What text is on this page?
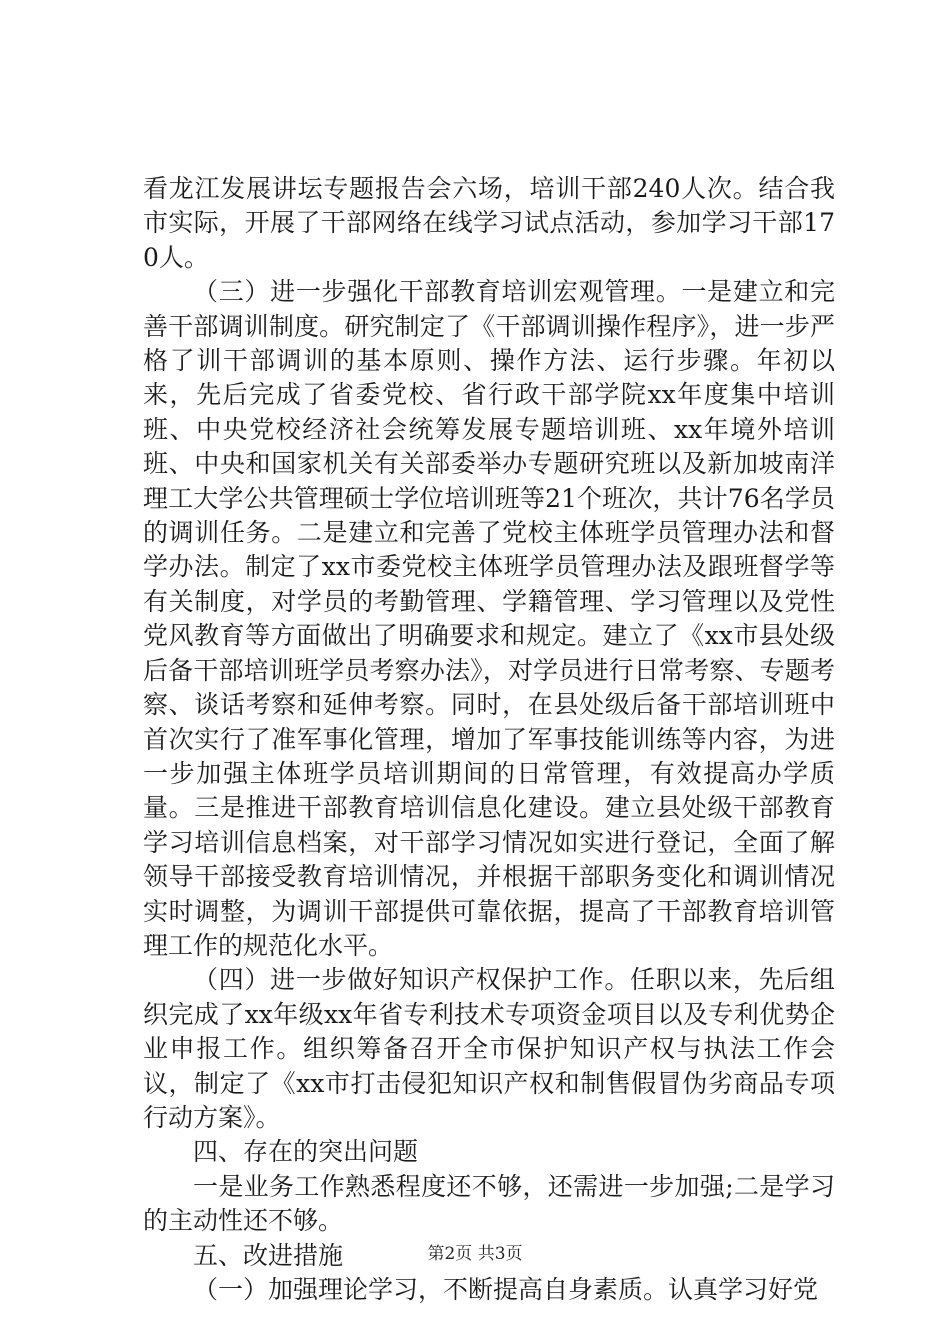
看龙江发展讲坛专题报告会六场，培训干部240人次。结合我市实际，开展了干部网络在线学习试点活动，参加学习干部170人。

（三）进一步强化干部教育培训宏观管理。一是建立和完善干部调训制度。研究制定了《干部调训操作程序》，进一步严格了训干部调训的基本原则、操作方法、运行步骤。年初以来，先后完成了省委党校、省行政干部学院xx年度集中培训班、中央党校经济社会统筹发展专题培训班、xx年境外培训班、中央和国家机关有关部委举办专题研究班以及新加坡南洋理工大学公共管理硕士学位培训班等21个班次，共计76名学员的调训任务。二是建立和完善了党校主体班学员管理办法和督学办法。制定了xx市委党校主体班学员管理办法及跟班督学等有关制度，对学员的考勤管理、学籍管理、学习管理以及党性党风教育等方面做出了明确要求和规定。建立了《xx市县处级后备干部培训班学员考察办法》，对学员进行日常考察、专题考察、谈话考察和延伸考察。同时，在县处级后备干部培训班中首次实行了准军事化管理，增加了军事技能训练等内容，为进一步加强主体班学员培训期间的日常管理，有效提高办学质量。三是推进干部教育培训信息化建设。建立县处级干部教育学习培训信息档案，对干部学习情况如实进行登记，全面了解领导干部接受教育培训情况，并根据干部职务变化和调训情况实时调整，为调训干部提供可靠依据，提高了干部教育培训管理工作的规范化水平。

（四）进一步做好知识产权保护工作。任职以来，先后组织完成了xx年级xx年省专利技术专项资金项目以及专利优势企业申报工作。组织筹备召开全市保护知识产权与执法工作会议，制定了《xx市打击侵犯知识产权和制售假冒伪劣商品专项行动方案》。

四、存在的突出问题

一是业务工作熟悉程度还不够，还需进一步加强;二是学习的主动性还不够。

五、改进措施

（一）加强理论学习，不断提高自身素质。认真学习好党

第2页 共3页
